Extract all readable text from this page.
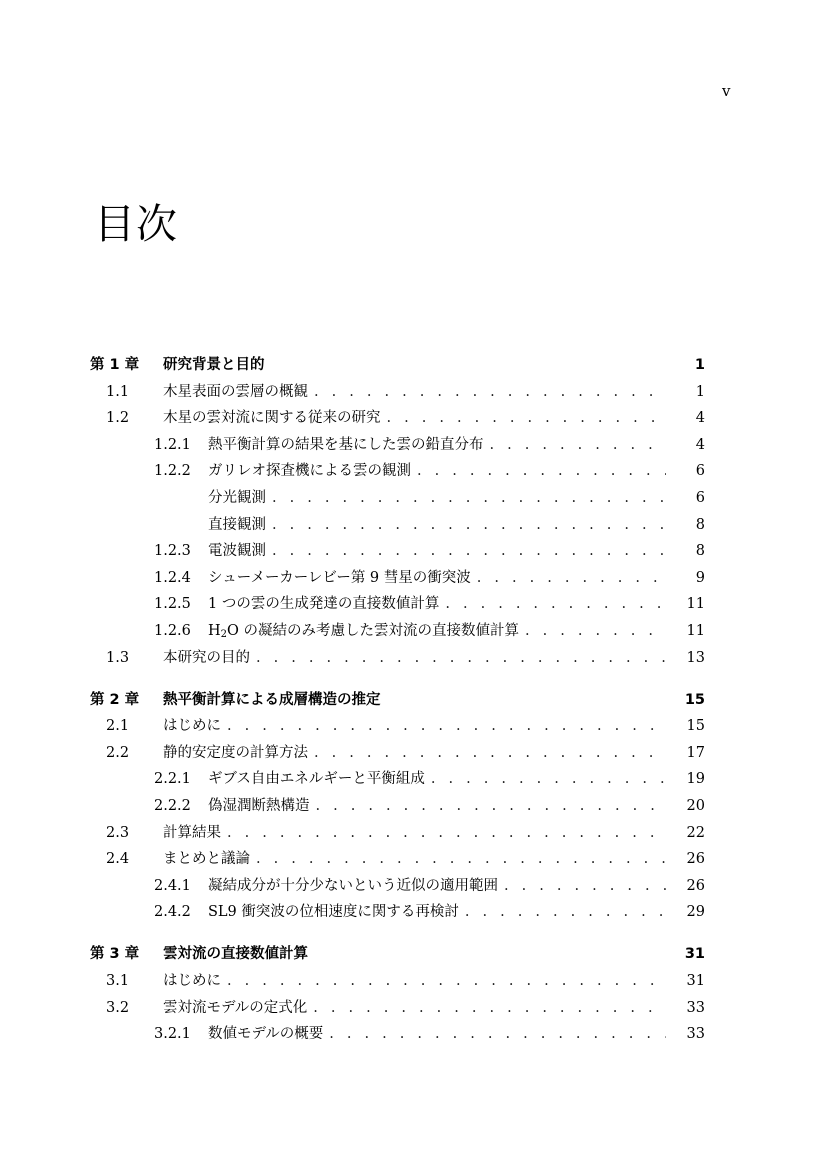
v
目次
第 1 章 研究背景と目的	1
1.1 木星表面の雲層の概観 . . .	1
1.2 木星の雲対流に関する従来の研究 . . .	4
1.2.1 熱平衡計算の結果を基にした雲の鉛直分布 . . .	4
1.2.2 ガリレオ探査機による雲の観測 . . .	6
分光観測 . . .	6
直接観測 . . .	8
1.2.3 電波観測 . . .	8
1.2.4 シューメーカーレビー第 9 彗星の衝突波 . . .	9
1.2.5 1 つの雲の生成発達の直接数値計算 . . .	11
1.2.6 $H_2O$ の凝結のみ考慮した雲対流の直接数値計算 . . .	11
1.3 本研究の目的 . . .	13
第 2 章 熱平衡計算による成層構造の推定	15
2.1 はじめに . . .	15
2.2 静的安定度の計算方法 . . .	17
2.2.1 ギブス自由エネルギーと平衡組成 . . .	19
2.2.2 偽湿潤断熱構造 . . .	20
2.3 計算結果 . . .	22
2.4 まとめと議論 . . .	26
2.4.1 凝結成分が十分少ないという近似の適用範囲 . . .	26
2.4.2 SL9 衝突波の位相速度に関する再検討 . . .	29
第 3 章 雲対流の直接数値計算	31
3.1 はじめに . . .	31
3.2 雲対流モデルの定式化 . . .	33
3.2.1 数値モデルの概要 . . .	33
